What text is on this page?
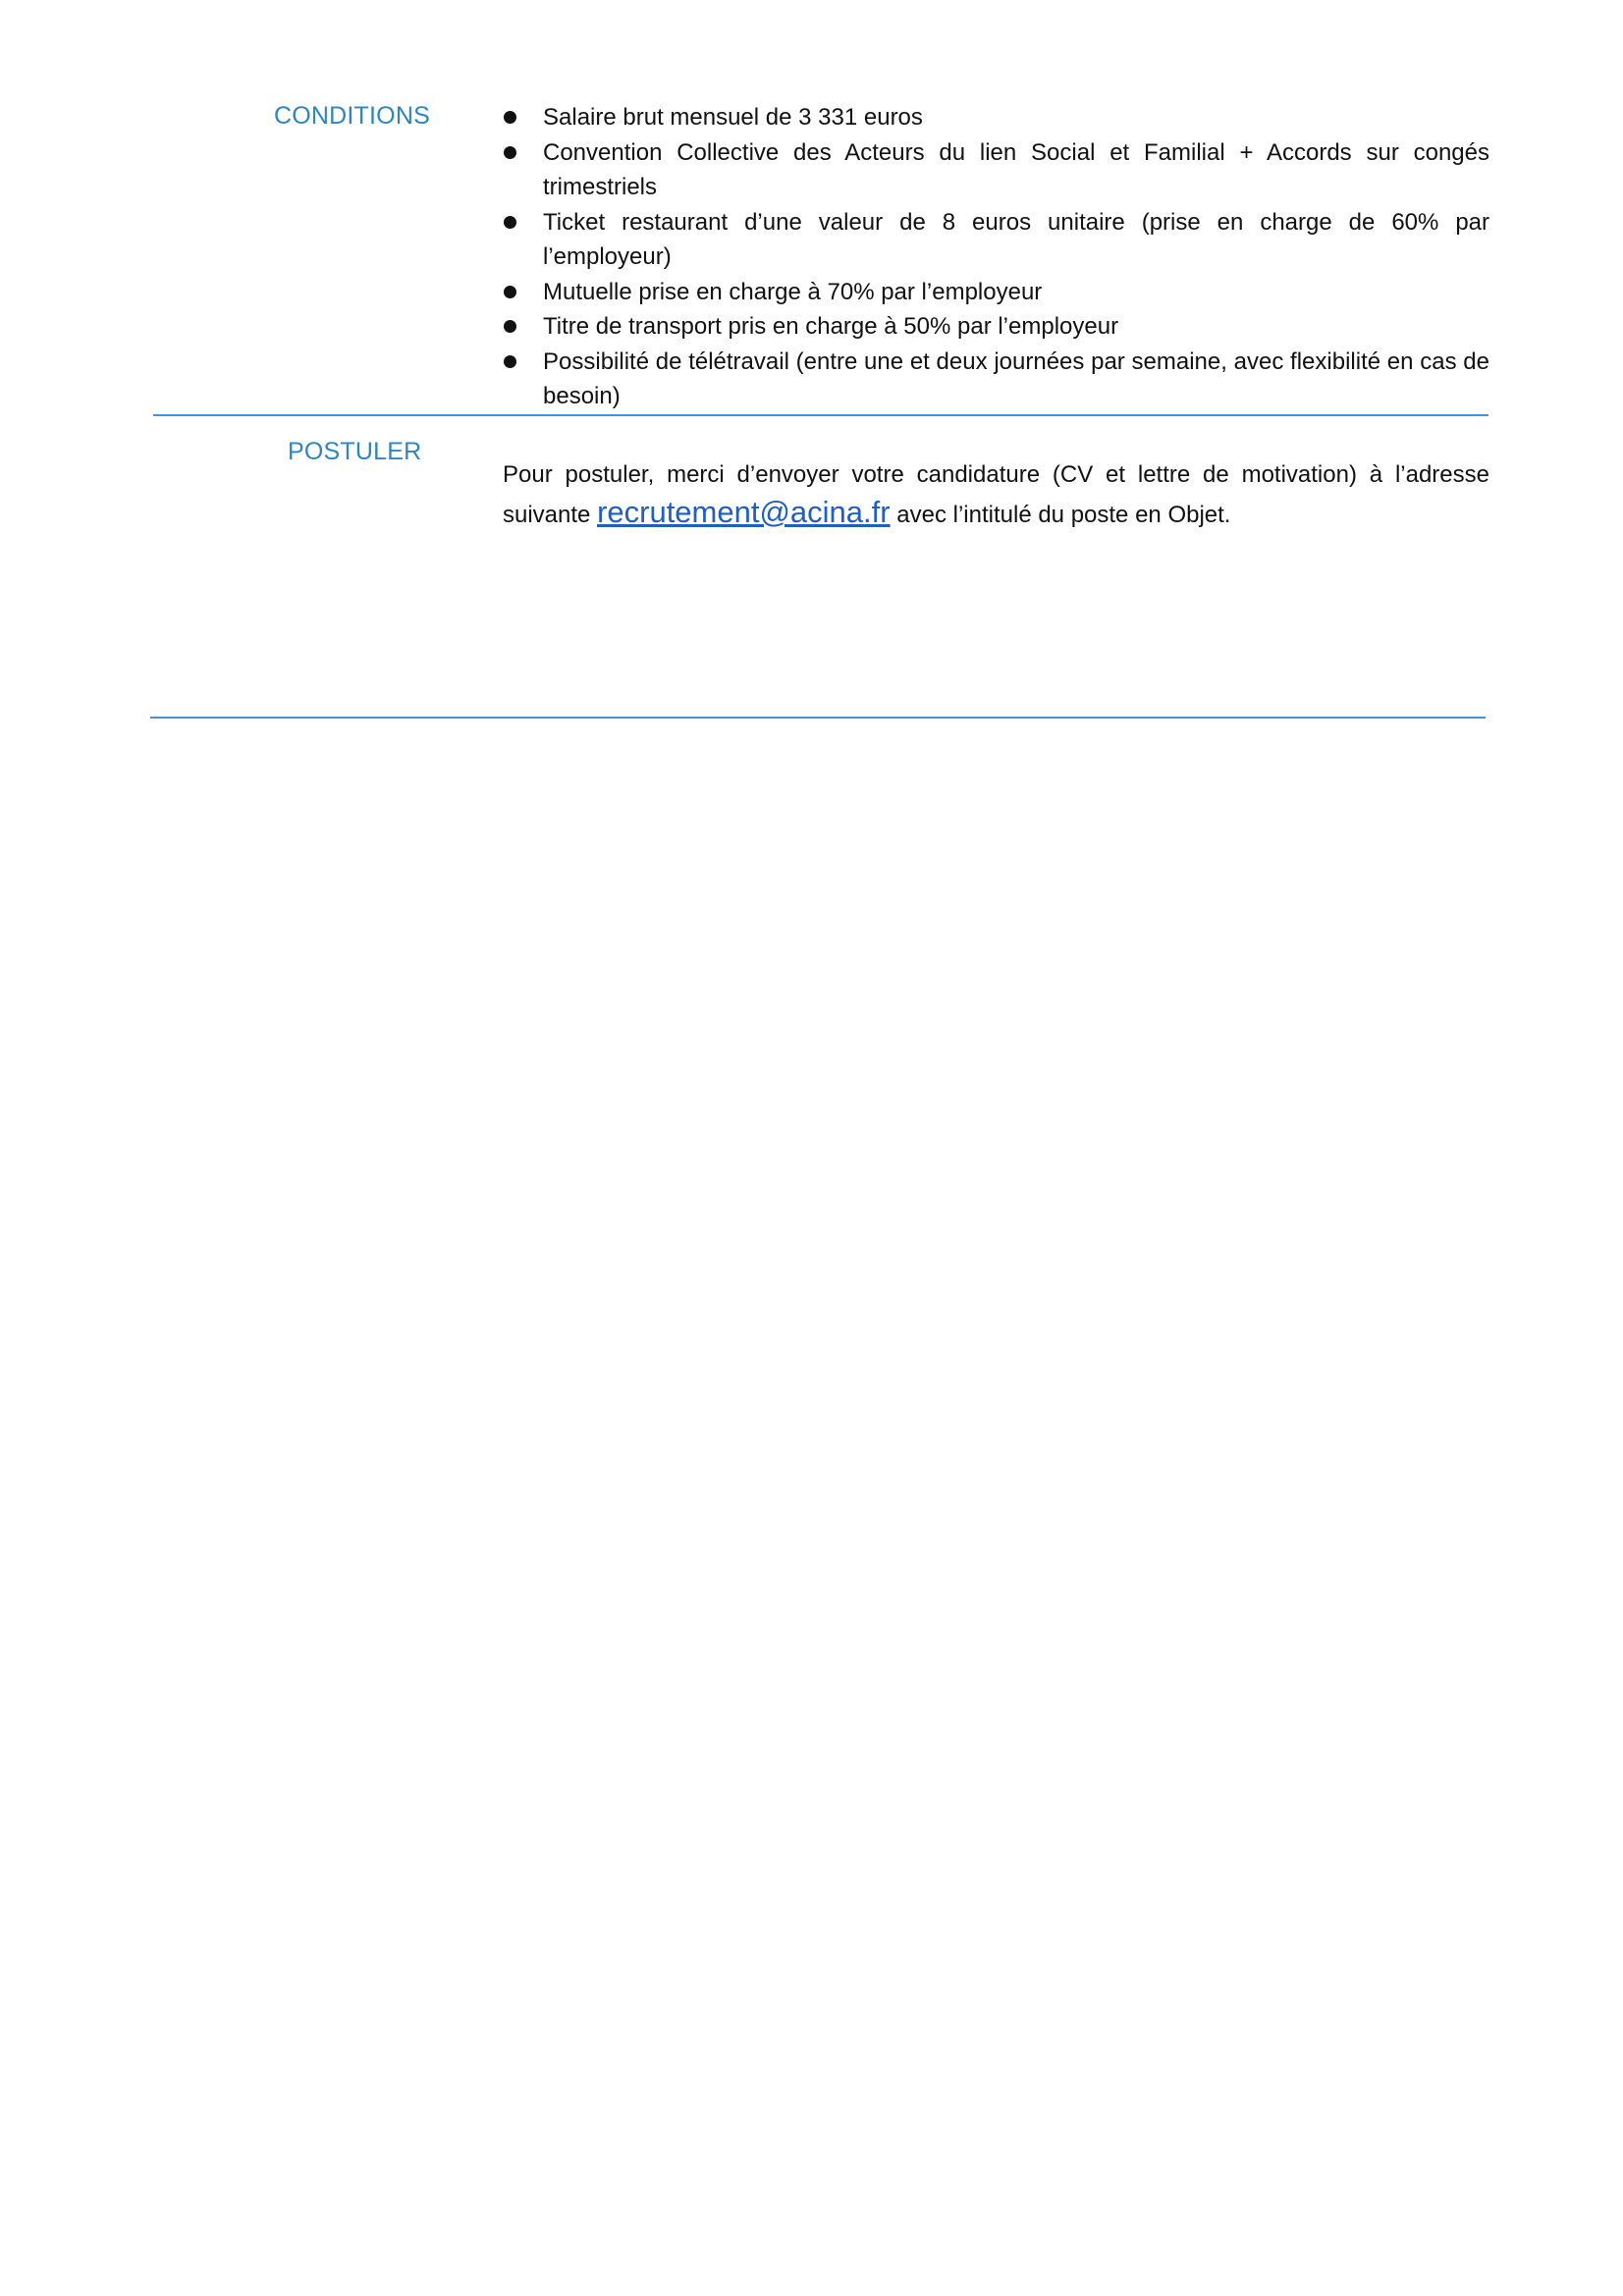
CONDITIONS	Salaire brut mensuel de 3 331 euros
Convention Collective des Acteurs du lien Social et Familial + Accords sur congés trimestriels
Ticket restaurant d’une valeur de 8 euros unitaire (prise en charge de 60% par l’employeur)
Mutuelle prise en charge à 70% par l’employeur
Titre de transport pris en charge à 50% par l’employeur
Possibilité de télétravail (entre une et deux journées par semaine, avec flexibilité en cas de besoin)
POSTULER

Pour postuler, merci d’envoyer votre candidature (CV et lettre de motivation) à l’adresse suivante recrutement@acina.fr avec l’intitulé du poste en Objet.
